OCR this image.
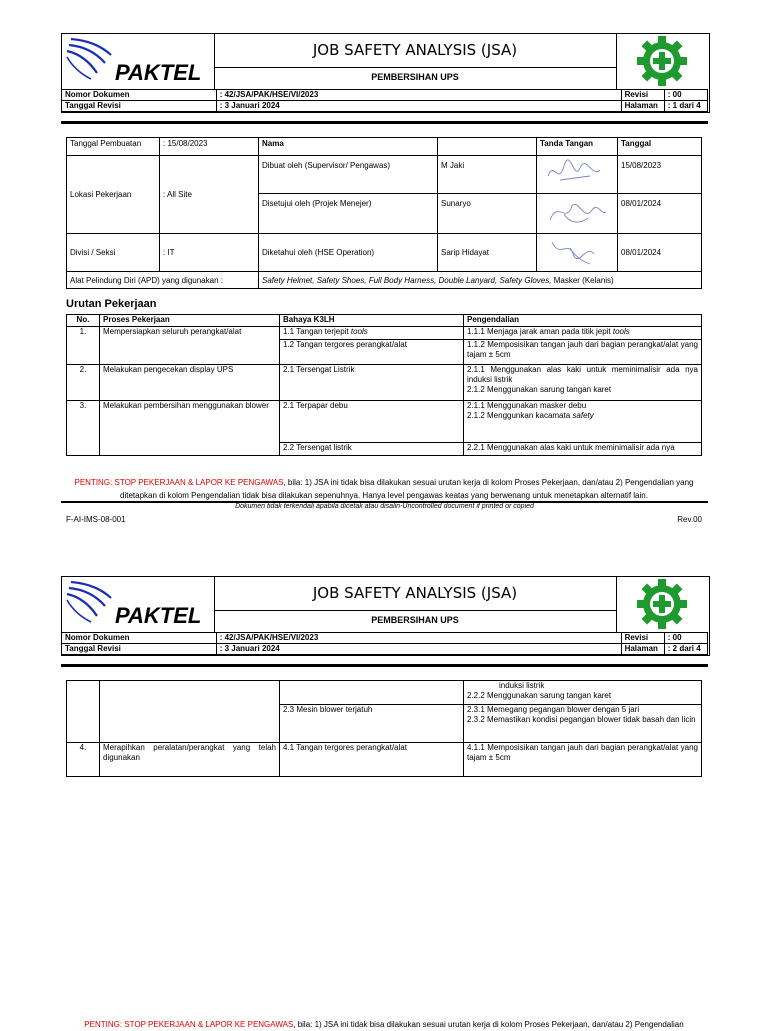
PAKTEL
JOB SAFETY ANALYSIS (JSA)
PEMBERSIHAN UPS
Nomor Dokumen	: 42/JSA/PAK/HSE/VI/2023	Revisi	: 00
Tanggal Revisi	: 3 Januari 2024	Halaman	: 1 dari 4
Tanggal Pembuatan	: 15/08/2023	Nama		Tanda Tangan	Tanggal
Lokasi Pekerjaan	: All Site	Dibuat oleh (Supervisor/ Pengawas)	M Jaki		15/08/2023
		Disetujui oleh (Projek Menejer)	Sunaryo		08/01/2024
Divisi / Seksi	: IT	Diketahui oleh (HSE Operation)	Sarip Hidayat		08/01/2024
Alat Pelindung Diri (APD) yang digunakan :		Safety Helmet, Safety Shoes, Full Body Harness, Double Lanyard, Safety Gloves, Masker (Kelanis)			
Urutan Pekerjaan
No.	Proses Pekerjaan	Bahaya K3LH	Pengendalian
1.	Mempersiapkan seluruh perangkat/alat	1.1 Tangan terjepit tools	1.1.1 Menjaga jarak aman pada titik jepit tools
		1.2 Tangan tergores perangkat/alat	1.1.2 Memposisikan tangan jauh dari bagian perangkat/alat yang tajam ± 5cm
2.	Melakukan pengecekan display UPS	2.1 Tersengat Listrik	2.1.1 Menggunakan alas kaki untuk meminimalisir ada nya induksi listrik
2.1.2 Menggunakan sarung tangan karet

3.	Melakukan pembersihan menggunakan blower	2.1 Terpapar debu	2.1.1 Menggunakan masker debu
2.1.2 Menggunkan kacamata safety

		2.2 Tersengat listrik	2.2.1 Menggunakan alas kaki untuk meminimalisir ada nya
PENTING: STOP PEKERJAAN & LAPOR KE PENGAWAS, bila: 1) JSA ini tidak bisa dilakukan sesuai urutan kerja di kolom Proses Pekerjaan, dan/atau 2) Pengendalian yang ditetapkan di kolom Pengendalian tidak bisa dilakukan sepenuhnya. Hanya level pengawas keatas yang berwenang untuk menetapkan alternatif lain.
Dokumen tidak terkendali apabila dicetak atau disalin-Uncontrolled document if printed or copied
F-AI-IMS-08-001	Rev.00
PAKTEL
JOB SAFETY ANALYSIS (JSA)
PEMBERSIHAN UPS
Nomor Dokumen	: 42/JSA/PAK/HSE/VI/2023	Revisi	: 00
Tanggal Revisi	: 3 Januari 2024	Halaman	: 2 dari 4

			induksi listrik
2.2.2 Menggunakan sarung tangan karet

		2.3 Mesin blower terjatuh	2.3.1 Memegang pegangan blower dengan 5 jari
2.3.2 Memastikan kondisi pegangan blower tidak basah dan licin

4.	Merapihkan peralatan/perangkat yang telah digunakan	4.1 Tangan tergores perangkat/alat	4.1.1 Memposisikan tangan jauh dari bagian perangkat/alat yang tajam ± 5cm
PENTING: STOP PEKERJAAN & LAPOR KE PENGAWAS, bila: 1) JSA ini tidak bisa dilakukan sesuai urutan kerja di kolom Proses Pekerjaan, dan/atau 2) Pengendalian
